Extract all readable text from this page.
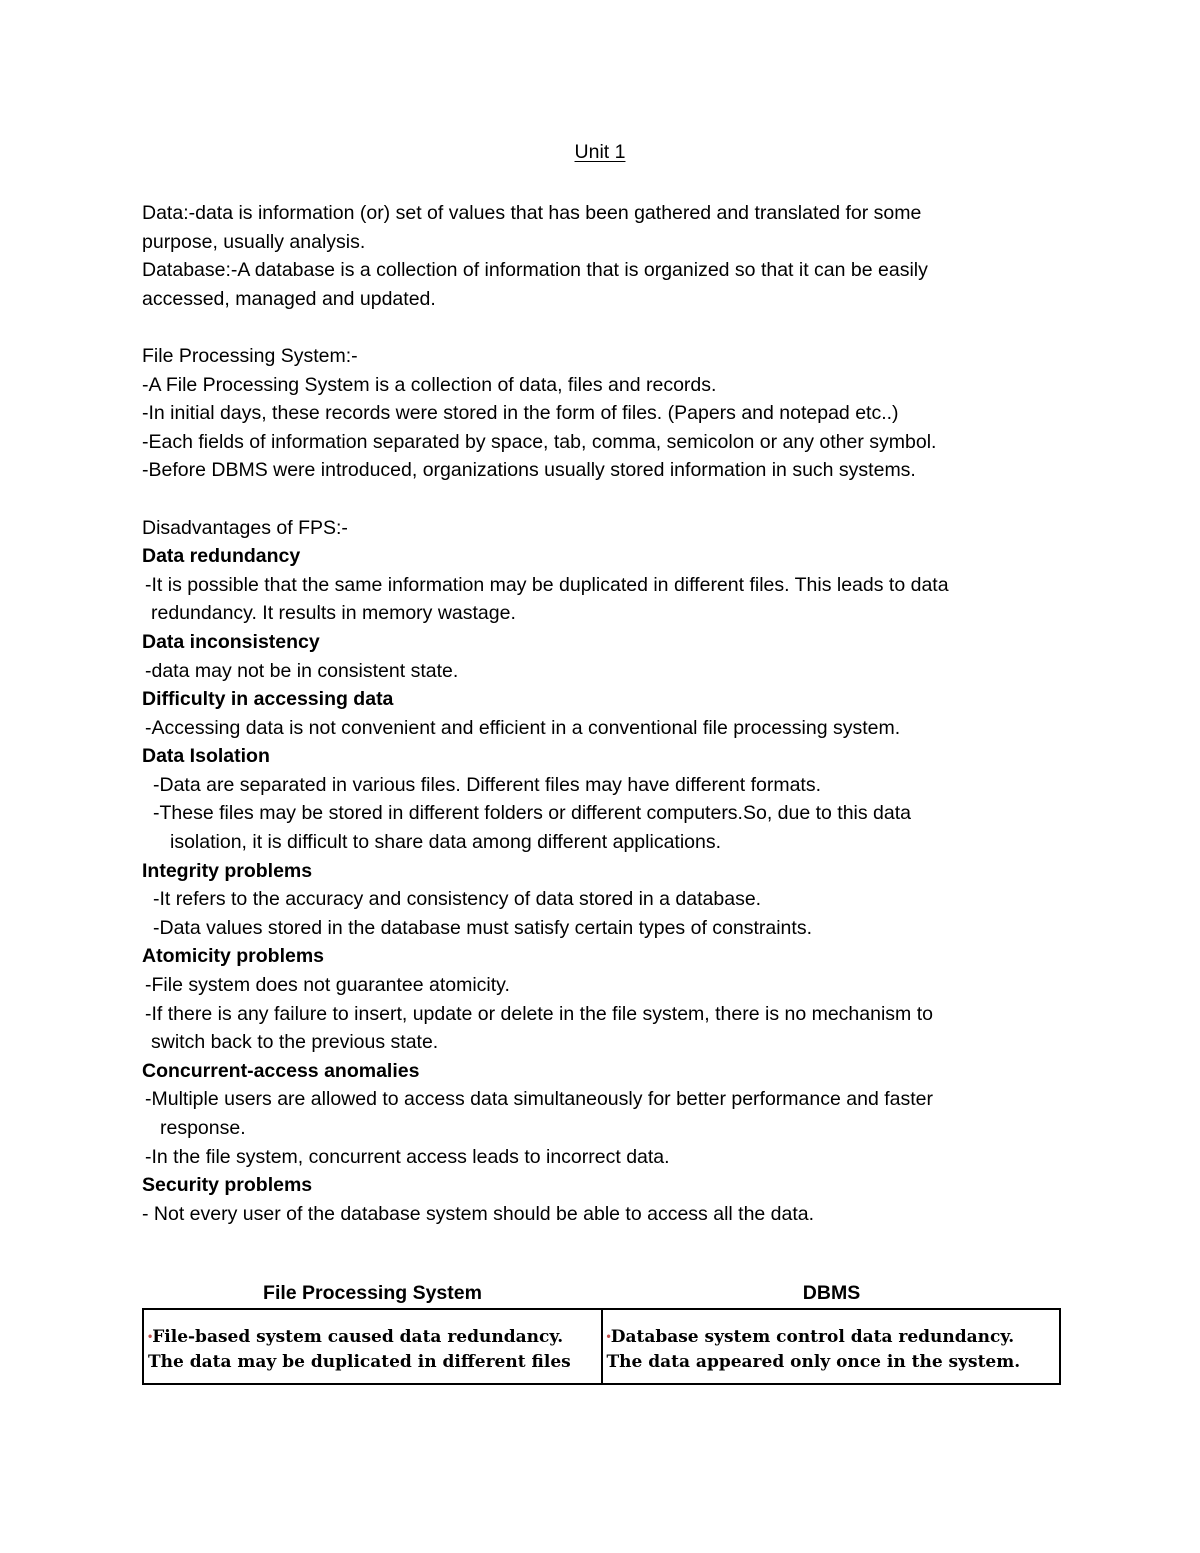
Unit 1

Data:-data is information (or) set of values that has been gathered and translated for some

purpose, usually analysis.

Database:-A database is a collection of information that is organized so that it can be easily

accessed, managed and updated.

File Processing System:-

-A File Processing System is a collection of data, files and records.

-In initial days, these records were stored in the form of files. (Papers and notepad etc..)

-Each fields of information separated by space, tab, comma, semicolon or any other symbol.

-Before DBMS were introduced, organizations usually stored information in such systems.

Disadvantages of FPS:-

Data redundancy

-It is possible that the same information may be duplicated in different files. This leads to data

redundancy. It results in memory wastage.

Data inconsistency

-data may not be in consistent state.

Difficulty in accessing data

-Accessing data is not convenient and efficient in a conventional file processing system.

Data Isolation

-Data are separated in various files. Different files may have different formats.

-These files may be stored in different folders or different computers.So, due to this data

isolation, it is difficult to share data among different applications.

Integrity problems

-It refers to the accuracy and consistency of data stored in a database.

-Data values stored in the database must satisfy certain types of constraints.

Atomicity problems

-File system does not guarantee atomicity.

-If there is any failure to insert, update or delete in the file system, there is no mechanism to

switch back to the previous state.

Concurrent-access anomalies

-Multiple users are allowed to access data simultaneously for better performance and faster

response.

-In the file system, concurrent access leads to incorrect data.

Security problems

- Not every user of the database system should be able to access all the data.

File Processing System	DBMS
•File-based system caused data redundancy. The data may be duplicated in different files	•Database system control data redundancy. The data appeared only once in the system.
